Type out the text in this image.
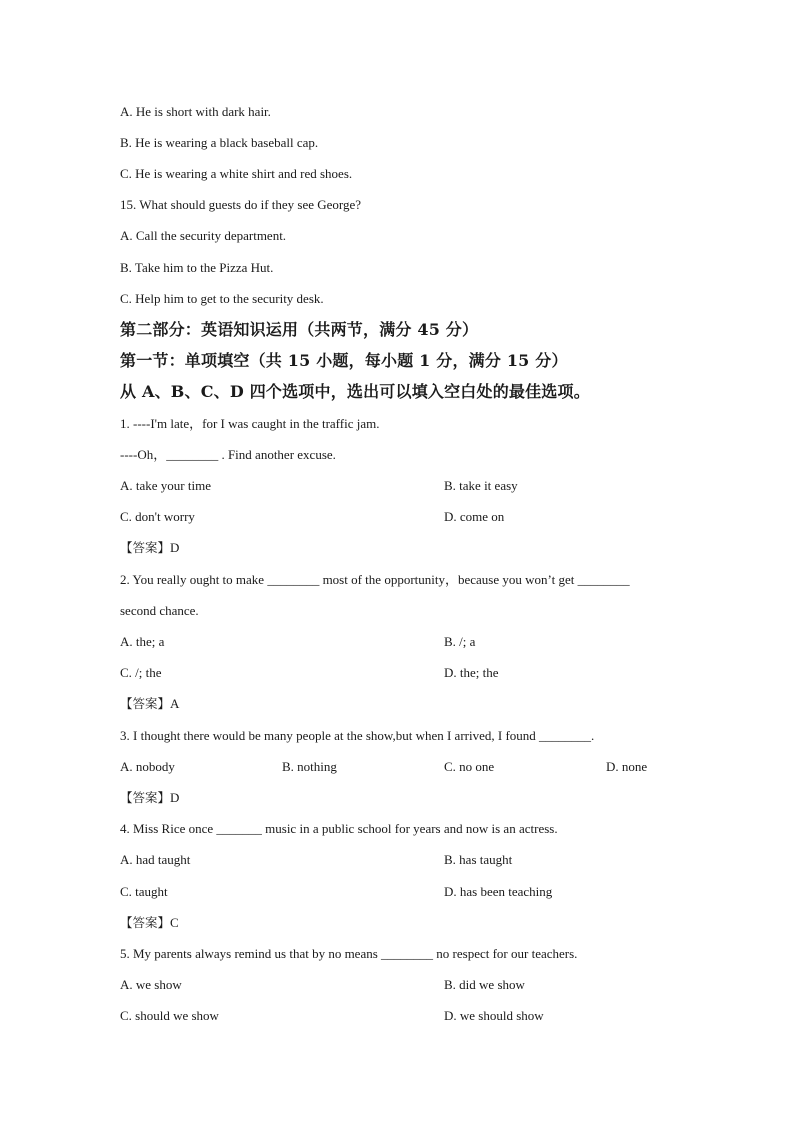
A. He is short with dark hair.
B. He is wearing a black baseball cap.
C. He is wearing a white shirt and red shoes.
15. What should guests do if they see George?
A. Call the security department.
B. Take him to the Pizza Hut.
C. Help him to get to the security desk.
第二部分：英语知识运用（共两节，满分 45 分）
第一节：单项填空（共 15 小题，每小题 1 分，满分 15 分）
从 A、B、C、D 四个选项中，选出可以填入空白处的最佳选项。
1. ----I'm late，for I was caught in the traffic jam.
----Oh，________ . Find another excuse.
A. take your time	B. take it easy
C. don't worry	D. come on
【答案】D
2. You really ought to make ________ most of the opportunity，because you won’t get ________
second chance.
A. the; a	B. /; a
C. /; the	D. the; the
【答案】A
3. I thought there would be many people at the show,but when I arrived, I found ________.
A. nobody	B. nothing	C. no one	D. none
【答案】D
4. Miss Rice once _______ music in a public school for years and now is an actress.
A. had taught	B. has taught
C. taught	D. has been teaching
【答案】C
5. My parents always remind us that by no means ________ no respect for our teachers.
A. we show	B. did we show
C. should we show	D. we should show
